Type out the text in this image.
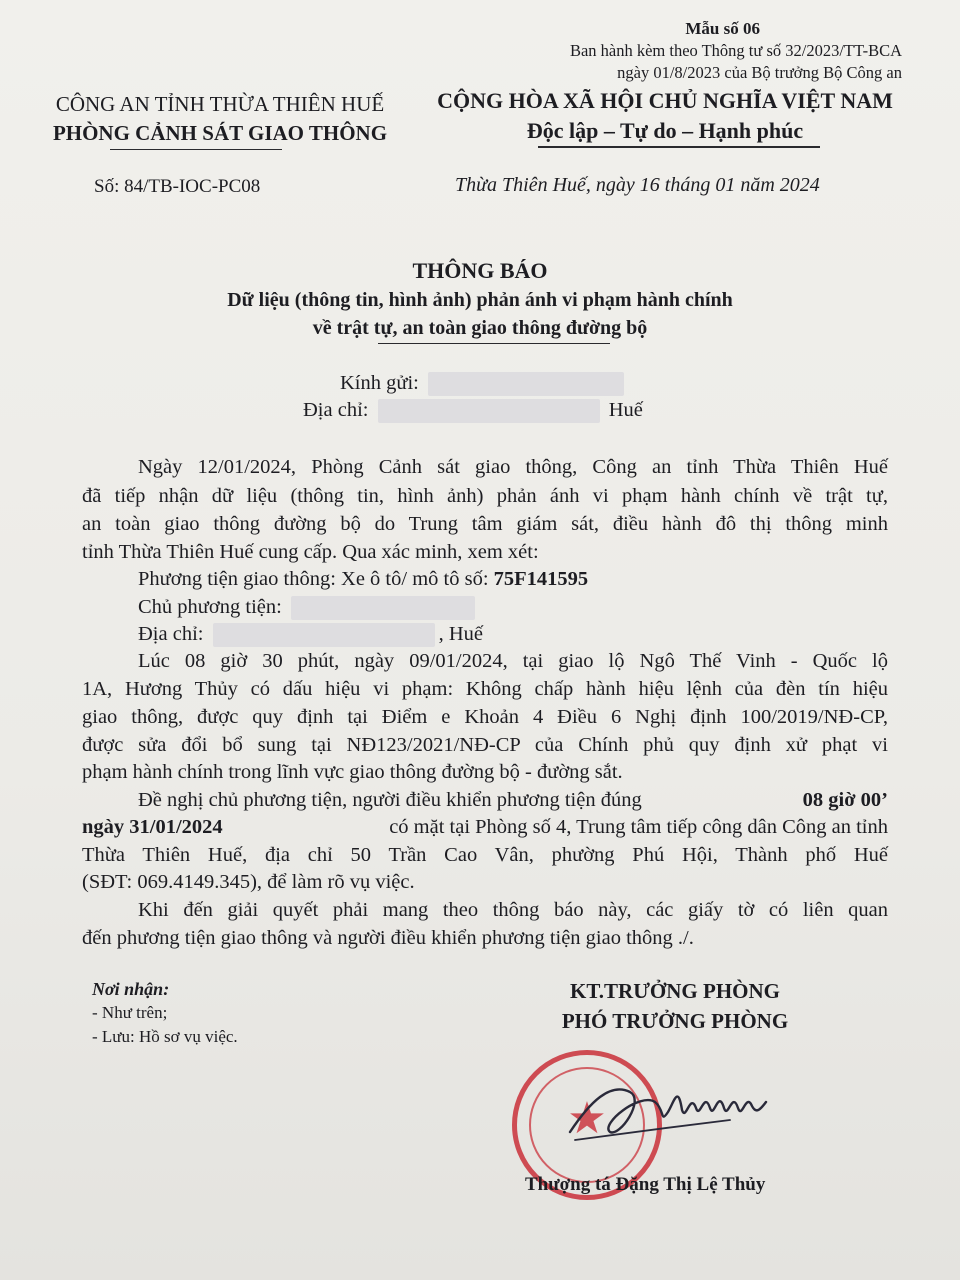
Mẫu số 06
Ban hành kèm theo Thông tư số 32/2023/TT-BCA
ngày 01/8/2023 của Bộ trưởng Bộ Công an
CÔNG AN TỈNH THỪA THIÊN HUẾ
PHÒNG CẢNH SÁT GIAO THÔNG
CỘNG HÒA XÃ HỘI CHỦ NGHĨA VIỆT NAM
Độc lập – Tự do – Hạnh phúc
Số: 84/TB-IOC-PC08	Thừa Thiên Huế, ngày 16 tháng 01 năm 2024
THÔNG BÁO
Dữ liệu (thông tin, hình ảnh) phản ánh vi phạm hành chính
về trật tự, an toàn giao thông đường bộ
Kính gửi:
Địa chỉ:	Huế
Ngày 12/01/2024, Phòng Cảnh sát giao thông, Công an tỉnh Thừa Thiên Huế
đã tiếp nhận dữ liệu (thông tin, hình ảnh) phản ánh vi phạm hành chính về trật tự,
an toàn giao thông đường bộ do Trung tâm giám sát, điều hành đô thị thông minh
tỉnh Thừa Thiên Huế cung cấp. Qua xác minh, xem xét:
Phương tiện giao thông: Xe ô tô/ mô tô số: 75F141595
Chủ phương tiện:
Địa chỉ:	, Huế
Lúc 08 giờ 30 phút, ngày 09/01/2024, tại giao lộ Ngô Thế Vinh - Quốc lộ
1A, Hương Thủy có dấu hiệu vi phạm: Không chấp hành hiệu lệnh của đèn tín hiệu
giao thông, được quy định tại Điểm e Khoản 4 Điều 6 Nghị định 100/2019/NĐ-CP,
được sửa đổi bổ sung tại NĐ123/2021/NĐ-CP của Chính phủ quy định xử phạt vi
phạm hành chính trong lĩnh vực giao thông đường bộ - đường sắt.
Đề nghị chủ phương tiện, người điều khiển phương tiện đúng	08 giờ 00’
ngày 31/01/2024	có mặt tại Phòng số 4, Trung tâm tiếp công dân Công an tỉnh
Thừa Thiên Huế, địa chỉ 50 Trần Cao Vân, phường Phú Hội, Thành phố Huế
(SĐT: 069.4149.345), để làm rõ vụ việc.
Khi đến giải quyết phải mang theo thông báo này, các giấy tờ có liên quan
đến phương tiện giao thông và người điều khiển phương tiện giao thông ./.
Nơi nhận:
- Như trên;
- Lưu: Hồ sơ vụ việc.
KT.TRƯỞNG PHÒNG
PHÓ TRƯỞNG PHÒNG
★
Thượng tá Đặng Thị Lệ Thủy
